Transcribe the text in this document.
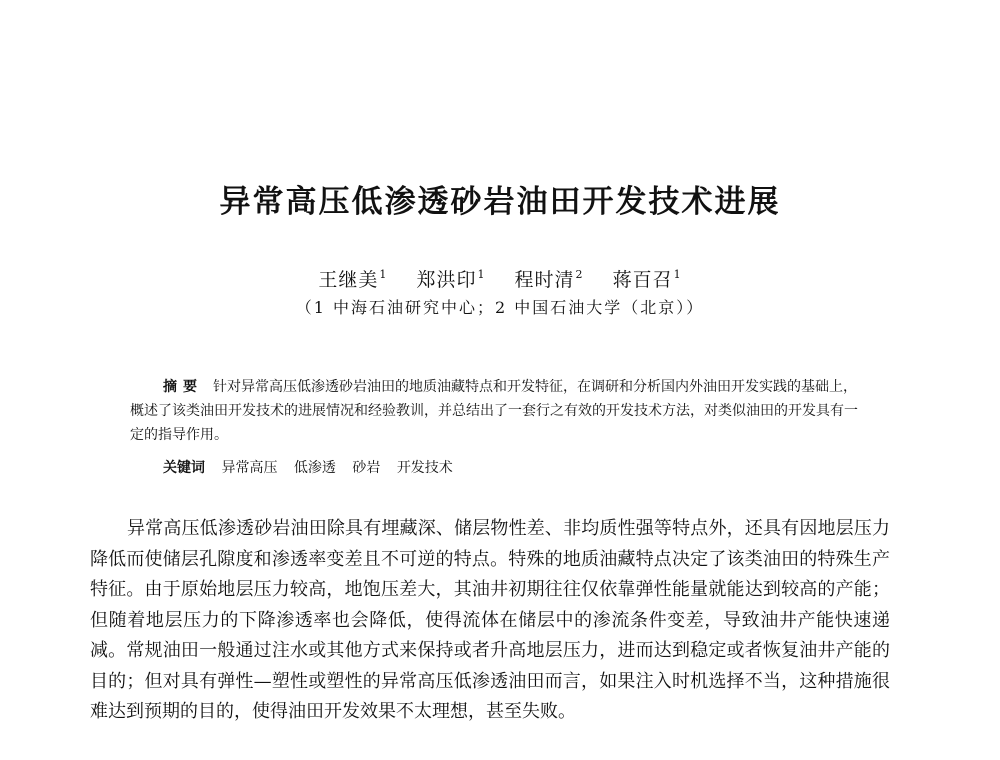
异常高压低渗透砂岩油田开发技术进展
王继美$^1$ 郑洪印$^1$ 程时清$^2$ 蒋百召$^1$
（1 中海石油研究中心；2 中国石油大学（北京））

摘要 针对异常高压低渗透砂岩油田的地质油藏特点和开发特征，在调研和分析国内外油田开发实践的基础上，概述了该类油田开发技术的进展情况和经验教训，并总结出了一套行之有效的开发技术方法，对类似油田的开发具有一定的指导作用。

关键词 异常高压 低渗透 砂岩 开发技术

异常高压低渗透砂岩油田除具有埋藏深、储层物性差、非均质性强等特点外，还具有因地层压力降低而使储层孔隙度和渗透率变差且不可逆的特点。特殊的地质油藏特点决定了该类油田的特殊生产特征。由于原始地层压力较高，地饱压差大，其油井初期往往仅依靠弹性能量就能达到较高的产能；但随着地层压力的下降渗透率也会降低，使得流体在储层中的渗流条件变差，导致油井产能快速递减。常规油田一般通过注水或其他方式来保持或者升高地层压力，进而达到稳定或者恢复油井产能的目的；但对具有弹性—塑性或塑性的异常高压低渗透油田而言，如果注入时机选择不当，这种措施很难达到预期的目的，使得油田开发效果不太理想，甚至失败。
